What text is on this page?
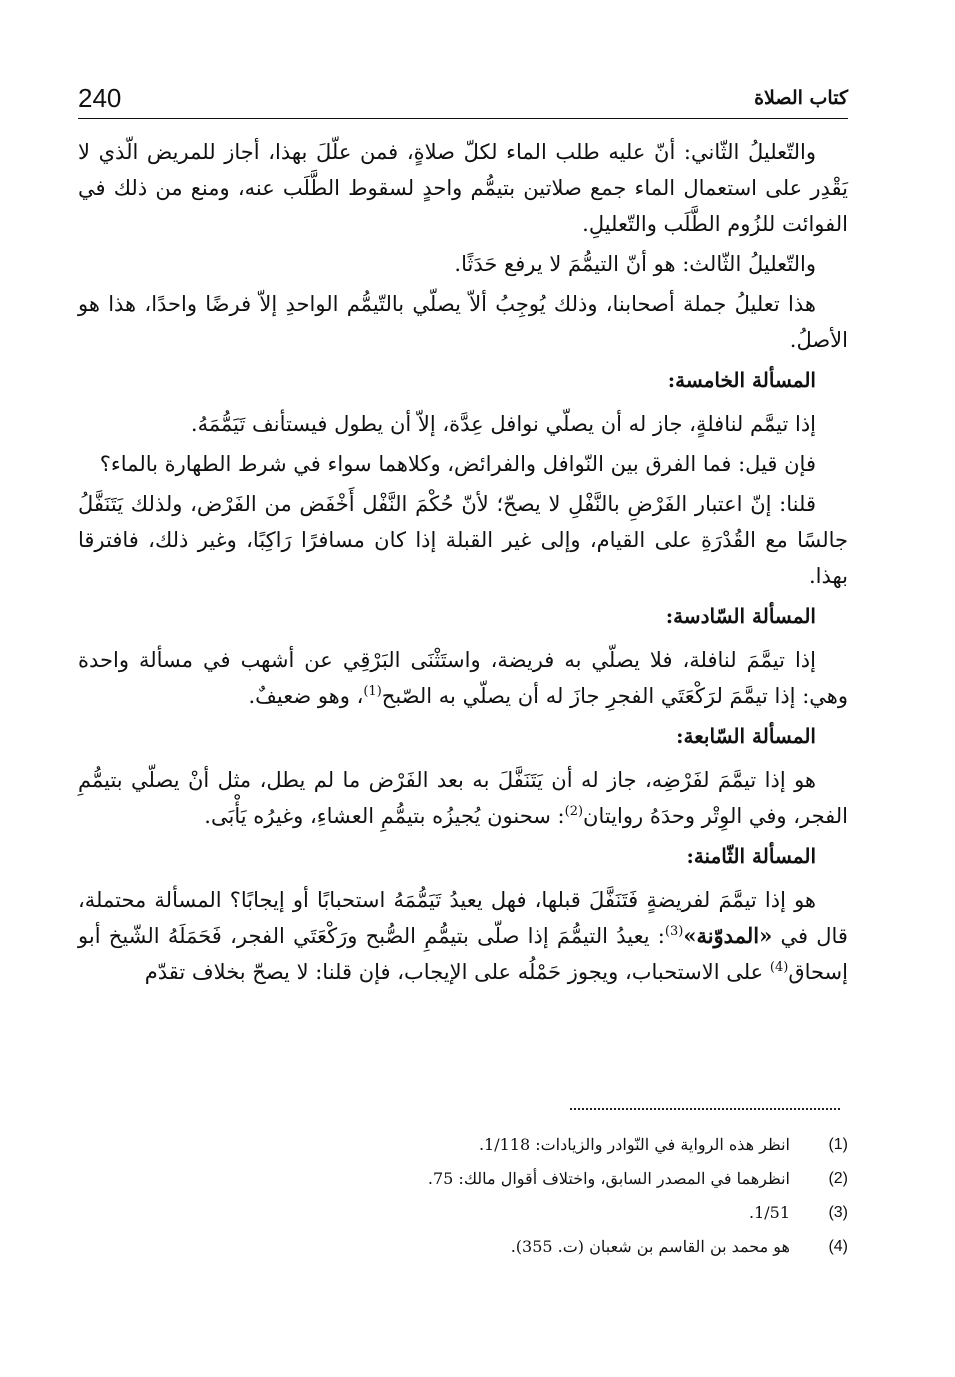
240	كتاب الصلاة

والتّعليلُ الثّاني: أنّ عليه طلب الماء لكلّ صلاةٍ، فمن علّلَ بهذا، أجاز للمريض الّذي لا يَقْدِر على استعمال الماء جمع صلاتين بتيمُّم واحدٍ لسقوط الطَّلَب عنه، ومنع من ذلك في الفوائت للزُوم الطَّلَب والتّعليلِ.

والتّعليلُ الثّالث: هو أنّ التيمُّمَ لا يرفع حَدَثًا.

هذا تعليلُ جملة أصحابنا، وذلك يُوجِبُ ألاّ يصلّي بالتّيمُّم الواحدِ إلاّ فرضًا واحدًا، هذا هو الأصلُ.

المسألة الخامسة:

إذا تيمَّم لنافلةٍ، جاز له أن يصلّي نوافل عِدَّة، إلاّ أن يطول فيستأنف تَيَمُّمَهُ.

فإن قيل: فما الفرق بين النّوافل والفرائض، وكلاهما سواء في شرط الطهارة بالماء؟

قلنا: إنّ اعتبار الفَرْضِ بالنَّفْلِ لا يصحّ؛ لأنّ حُكْمَ النَّفْل أَخْفَض من الفَرْض، ولذلك يَتَنَفَّلُ جالسًا مع القُدْرَةِ على القيام، وإلى غير القبلة إذا كان مسافرًا رَاكِبًا، وغير ذلك، فافترقا بهذا.

المسألة السّادسة:

إذا تيمَّمَ لنافلة، فلا يصلّي به فريضة، واستَثْنَى البَرْقِي عن أشهب في مسألة واحدة وهي: إذا تيمَّمَ لرَكْعَتَي الفجرِ جازَ له أن يصلّي به الصّبح$^{(1)}$، وهو ضعيفٌ.

المسألة السّابعة:

هو إذا تيمَّمَ لفَرْضِه، جاز له أن يَتَنَفَّلَ به بعد الفَرْض ما لم يطل، مثل أنْ يصلّي بتيمُّمِ الفجر، وفي الوِتْر وحدَهُ روايتان$^{(2)}$: سحنون يُجيزُه بتيمُّمِ العشاءِ، وغيرُه يَأْبَى.

المسألة الثّامنة:

هو إذا تيمَّمَ لفريضةٍ فَتَنَفَّلَ قبلها، فهل يعيدُ تَيَمُّمَهُ استحبابًا أو إيجابًا؟ المسألة محتملة، قال في «المدوّنة»$^{(3)}$: يعيدُ التيمُّمَ إذا صلّى بتيمُّمِ الصُّبح ورَكْعَتَي الفجر، فَحَمَلَهُ الشّيخ أبو إسحاق$^{(4)}$ على الاستحباب، ويجوز حَمْلُه على الإيجاب، فإن قلنا: لا يصحّ بخلاف تقدّم

(1)
انظر هذه الرواية في النّوادر والزيادات: 1/118.
(2)
انظرهما في المصدر السابق، واختلاف أقوال مالك: 75.
(3)
1/51.
(4)
هو محمد بن القاسم بن شعبان (ت. 355).
